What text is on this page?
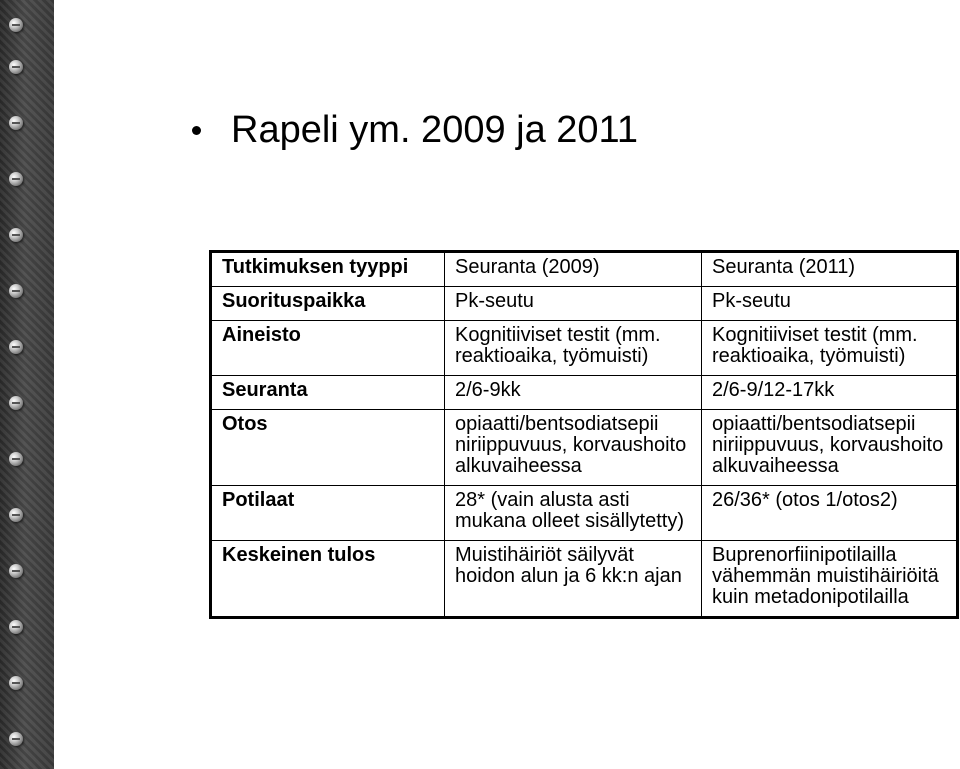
Rapeli ym. 2009 ja 2011
Tutkimuksen tyyppi	Seuranta (2009)	Seuranta (2011)
Suorituspaikka	Pk-seutu	Pk-seutu
Aineisto	Kognitiiviset testit (mm. reaktioaika, työmuisti)	Kognitiiviset testit (mm. reaktioaika, työmuisti)
Seuranta	2/6-9kk	2/6-9/12-17kk
Otos	opiaatti/bentsodiatsepii niriippuvuus, korvaushoito alkuvaiheessa	opiaatti/bentsodiatsepii niriippuvuus, korvaushoito alkuvaiheessa
Potilaat	28* (vain alusta asti mukana olleet sisällytetty)	26/36* (otos 1/otos2)
Keskeinen tulos	Muistihäiriöt säilyvät hoidon alun ja 6 kk:n ajan	Buprenorfiinipotilailla vähemmän muistihäiriöitä kuin metadonipotilailla
